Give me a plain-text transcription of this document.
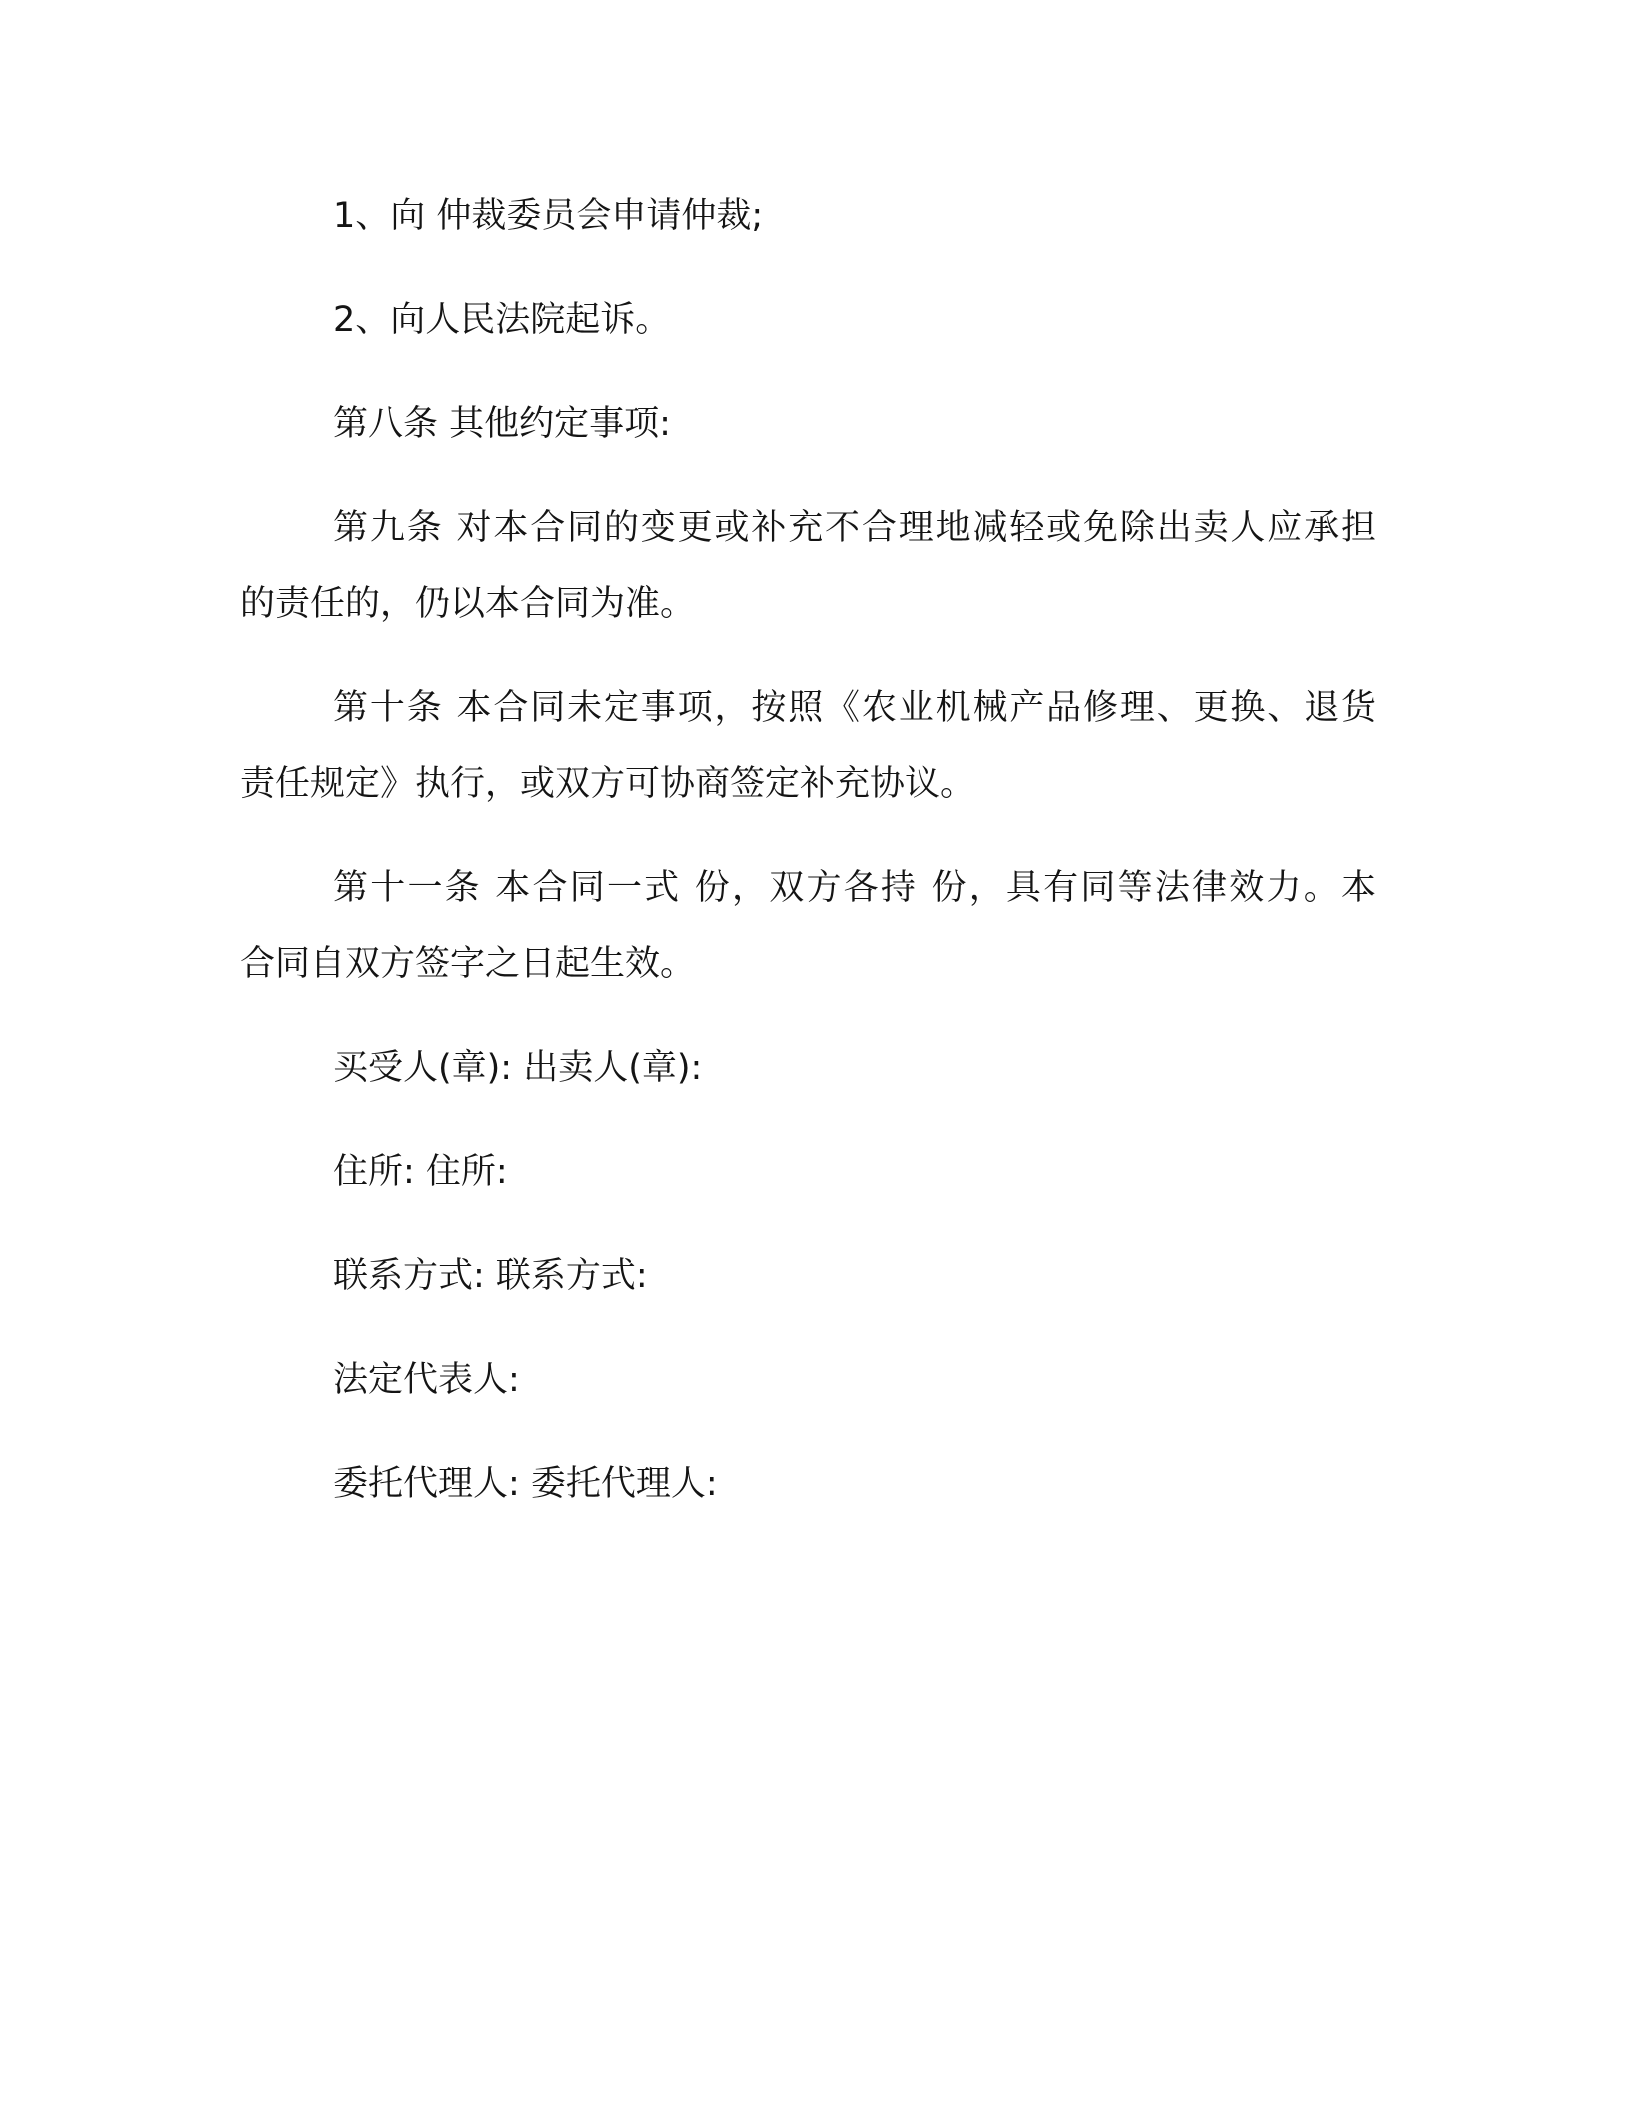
1、向 仲裁委员会申请仲裁;
2、向人民法院起诉。
第八条 其他约定事项:
第九条 对本合同的变更或补充不合理地减轻或免除出卖人应承担
的责任的，仍以本合同为准。
第十条 本合同未定事项，按照《农业机械产品修理、更换、退货
责任规定》执行，或双方可协商签定补充协议。
第十一条 本合同一式 份，双方各持 份，具有同等法律效力。本
合同自双方签字之日起生效。
买受人(章): 出卖人(章):
住所: 住所:
联系方式: 联系方式:
法定代表人:
委托代理人: 委托代理人:
